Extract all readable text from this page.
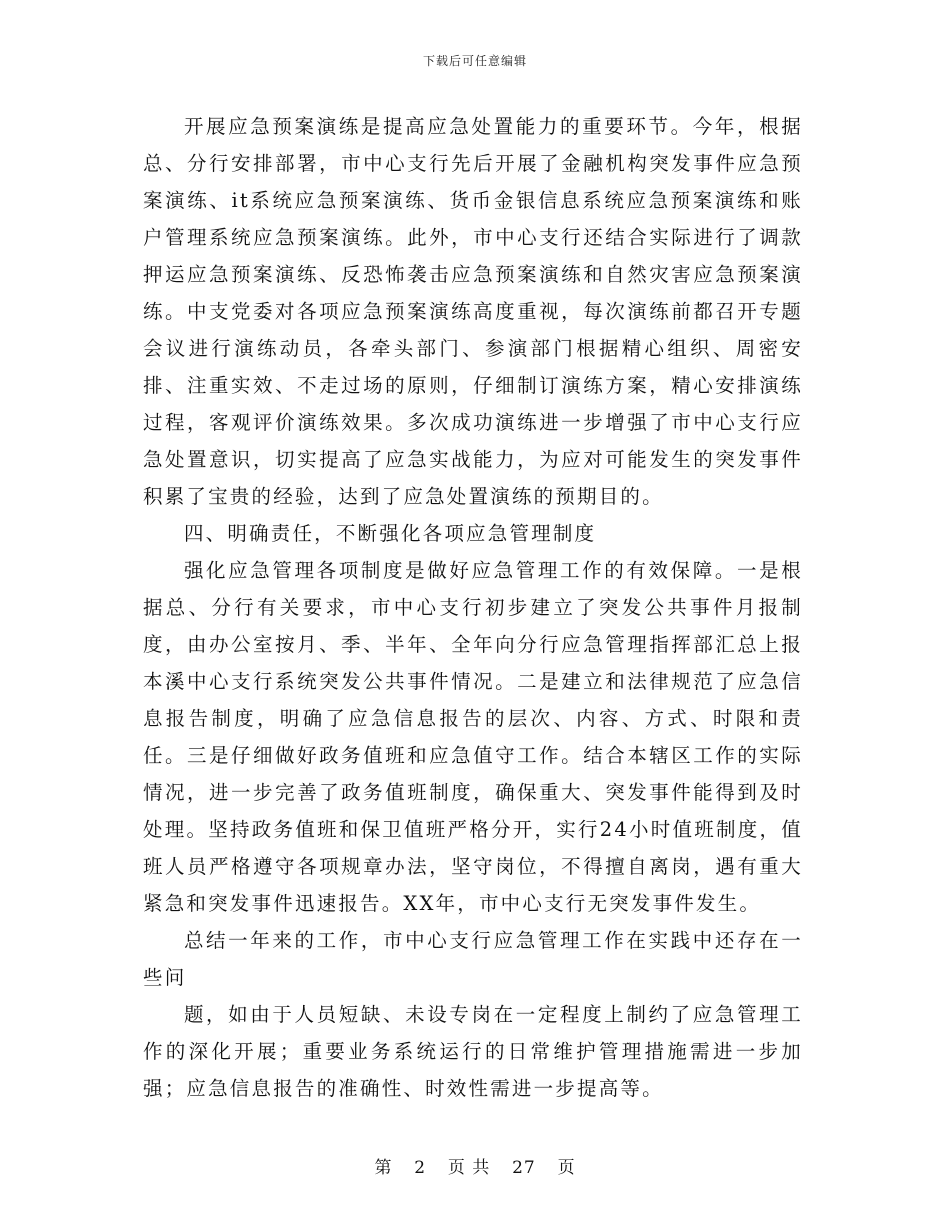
下载后可任意编辑

开展应急预案演练是提高应急处置能力的重要环节。今年，根据总、分行安排部署，市中心支行先后开展了金融机构突发事件应急预案演练、it系统应急预案演练、货币金银信息系统应急预案演练和账户管理系统应急预案演练。此外，市中心支行还结合实际进行了调款押运应急预案演练、反恐怖袭击应急预案演练和自然灾害应急预案演练。中支党委对各项应急预案演练高度重视，每次演练前都召开专题会议进行演练动员，各牵头部门、参演部门根据精心组织、周密安排、注重实效、不走过场的原则，仔细制订演练方案，精心安排演练过程，客观评价演练效果。多次成功演练进一步增强了市中心支行应急处置意识，切实提高了应急实战能力，为应对可能发生的突发事件积累了宝贵的经验，达到了应急处置演练的预期目的。

四、明确责任，不断强化各项应急管理制度

强化应急管理各项制度是做好应急管理工作的有效保障。一是根据总、分行有关要求，市中心支行初步建立了突发公共事件月报制度，由办公室按月、季、半年、全年向分行应急管理指挥部汇总上报本溪中心支行系统突发公共事件情况。二是建立和法律规范了应急信息报告制度，明确了应急信息报告的层次、内容、方式、时限和责任。三是仔细做好政务值班和应急值守工作。结合本辖区工作的实际情况，进一步完善了政务值班制度，确保重大、突发事件能得到及时处理。坚持政务值班和保卫值班严格分开，实行24小时值班制度，值班人员严格遵守各项规章办法，坚守岗位，不得擅自离岗，遇有重大紧急和突发事件迅速报告。XX年，市中心支行无突发事件发生。

总结一年来的工作，市中心支行应急管理工作在实践中还存在一些问

题，如由于人员短缺、未设专岗在一定程度上制约了应急管理工作的深化开展；重要业务系统运行的日常维护管理措施需进一步加强；应急信息报告的准确性、时效性需进一步提高等。

第 2 页 共 27 页
